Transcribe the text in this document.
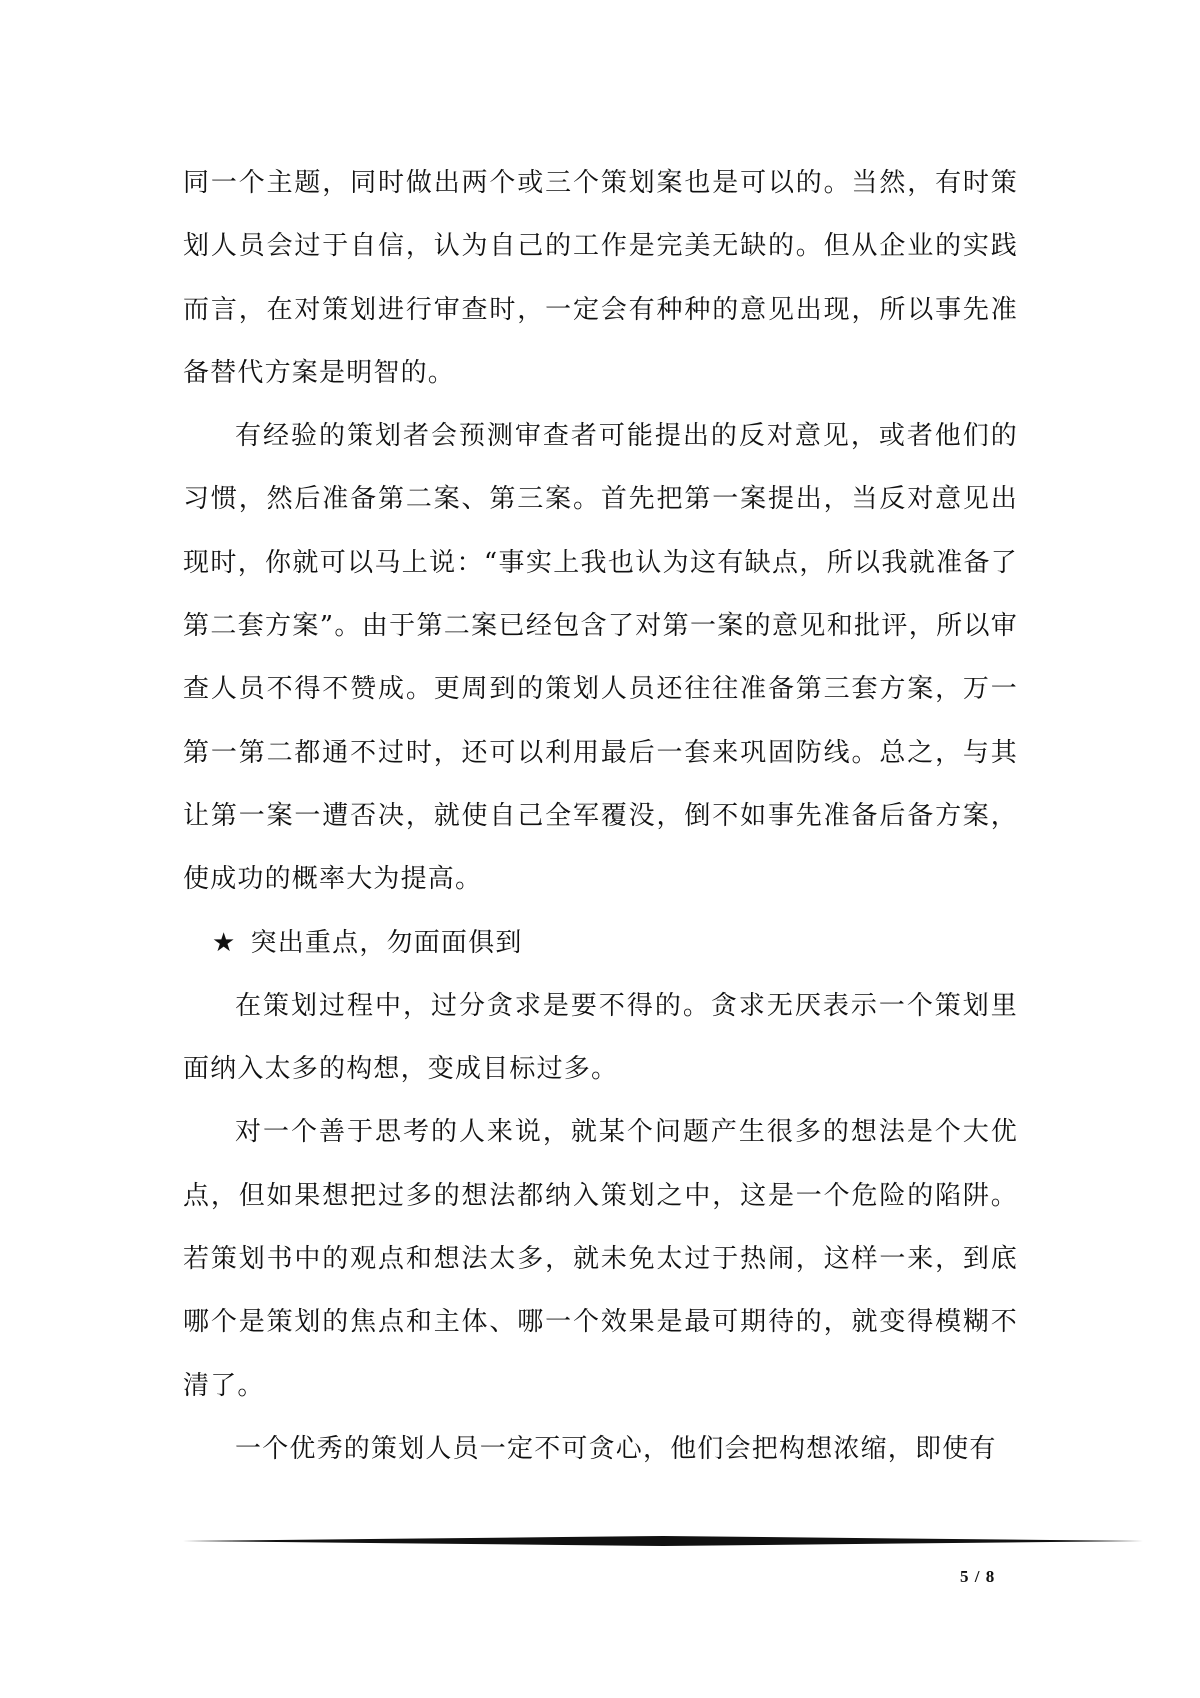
同一个主题，同时做出两个或三个策划案也是可以的。当然，有时策划人员会过于自信，认为自己的工作是完美无缺的。但从企业的实践而言，在对策划进行审查时，一定会有种种的意见出现，所以事先准备替代方案是明智的。

有经验的策划者会预测审查者可能提出的反对意见，或者他们的习惯，然后准备第二案、第三案。首先把第一案提出，当反对意见出现时，你就可以马上说：“事实上我也认为这有缺点，所以我就准备了第二套方案”。由于第二案已经包含了对第一案的意见和批评，所以审查人员不得不赞成。更周到的策划人员还往往准备第三套方案，万一第一第二都通不过时，还可以利用最后一套来巩固防线。总之，与其让第一案一遭否决，就使自己全军覆没，倒不如事先准备后备方案，使成功的概率大为提高。

★ 突出重点，勿面面俱到

在策划过程中，过分贪求是要不得的。贪求无厌表示一个策划里面纳入太多的构想，变成目标过多。

对一个善于思考的人来说，就某个问题产生很多的想法是个大优点，但如果想把过多的想法都纳入策划之中，这是一个危险的陷阱。若策划书中的观点和想法太多，就未免太过于热闹，这样一来，到底哪个是策划的焦点和主体、哪一个效果是最可期待的，就变得模糊不清了。

一个优秀的策划人员一定不可贪心，他们会把构想浓缩，即使有

5 / 8
